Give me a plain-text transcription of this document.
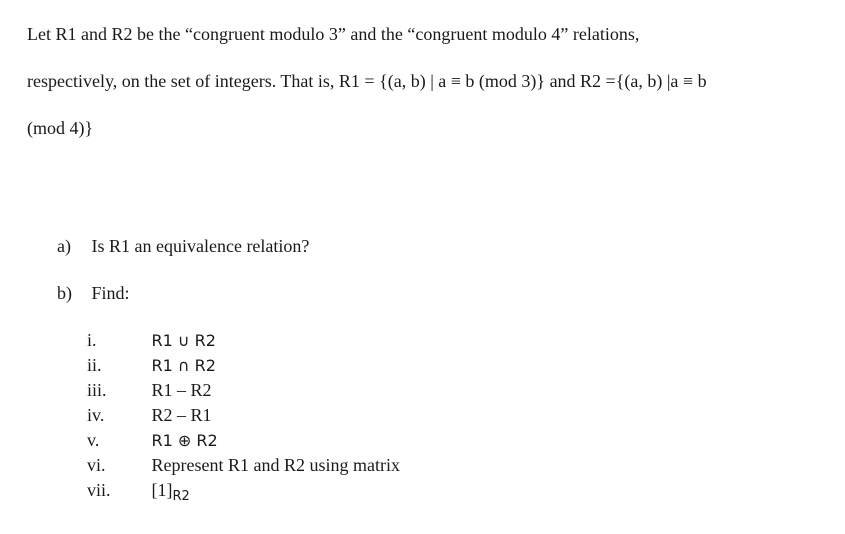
Let R1 and R2 be the “congruent modulo 3” and the “congruent modulo 4” relations,
respectively, on the set of integers. That is, R1 = {(a, b) | a ≡ b (mod 3)} and R2 ={(a, b) |a ≡ b
(mod 4)}
a) Is R1 an equivalence relation?
b) Find:
i.	R1 ∪ R2
ii.	R1 ∩ R2
iii. R1 – R2
iv.	R2 – R1
v.	R1 ⊕ R2
vi.	Represent R1 and R2 using matrix
vii. $[1]_{R2}$
